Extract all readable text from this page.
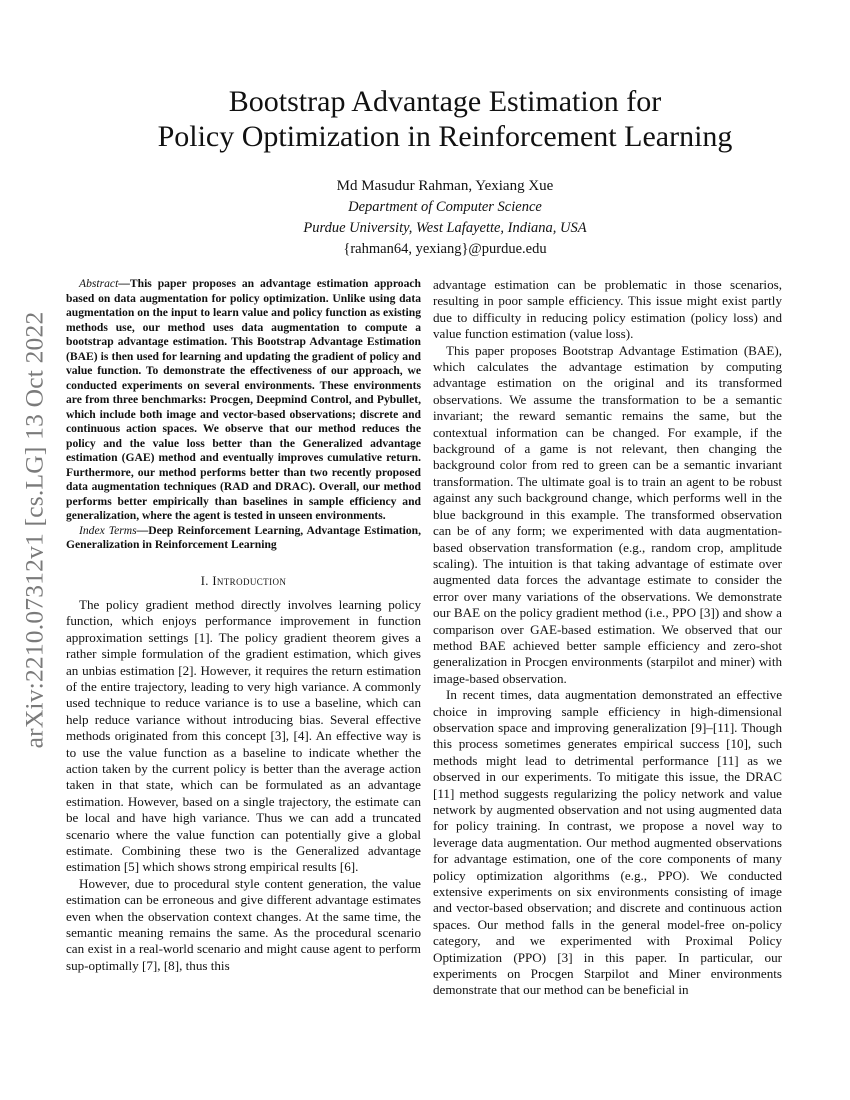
arXiv:2210.07312v1 [cs.LG] 13 Oct 2022
Bootstrap Advantage Estimation for
Policy Optimization in Reinforcement Learning
Md Masudur Rahman, Yexiang Xue
Department of Computer Science
Purdue University, West Lafayette, Indiana, USA
{rahman64, yexiang}@purdue.edu

Abstract—This paper proposes an advantage estimation approach based on data augmentation for policy optimization. Unlike using data augmentation on the input to learn value and policy function as existing methods use, our method uses data augmentation to compute a bootstrap advantage estimation. This Bootstrap Advantage Estimation (BAE) is then used for learning and updating the gradient of policy and value function. To demonstrate the effectiveness of our approach, we conducted experiments on several environments. These environments are from three benchmarks: Procgen, Deepmind Control, and Pybullet, which include both image and vector-based observations; discrete and continuous action spaces. We observe that our method reduces the policy and the value loss better than the Generalized advantage estimation (GAE) method and eventually improves cumulative return. Furthermore, our method performs better than two recently proposed data augmentation techniques (RAD and DRAC). Overall, our method performs better empirically than baselines in sample efficiency and generalization, where the agent is tested in unseen environments.

Index Terms—Deep Reinforcement Learning, Advantage Estimation, Generalization in Reinforcement Learning

I. Introduction

The policy gradient method directly involves learning policy function, which enjoys performance improvement in function approximation settings [1]. The policy gradient theorem gives a rather simple formulation of the gradient estimation, which gives an unbias estimation [2]. However, it requires the return estimation of the entire trajectory, leading to very high variance. A commonly used technique to reduce variance is to use a baseline, which can help reduce variance without introducing bias. Several effective methods originated from this concept [3], [4]. An effective way is to use the value function as a baseline to indicate whether the action taken by the current policy is better than the average action taken in that state, which can be formulated as an advantage estimation. However, based on a single trajectory, the estimate can be local and have high variance. Thus we can add a truncated scenario where the value function can potentially give a global estimate. Combining these two is the Generalized advantage estimation [5] which shows strong empirical results [6].

However, due to procedural style content generation, the value estimation can be erroneous and give different advantage estimates even when the observation context changes. At the same time, the semantic meaning remains the same. As the procedural scenario can exist in a real-world scenario and might cause agent to perform sup-optimally [7], [8], thus this

advantage estimation can be problematic in those scenarios, resulting in poor sample efficiency. This issue might exist partly due to difficulty in reducing policy estimation (policy loss) and value function estimation (value loss).

This paper proposes Bootstrap Advantage Estimation (BAE), which calculates the advantage estimation by computing advantage estimation on the original and its transformed observations. We assume the transformation to be a semantic invariant; the reward semantic remains the same, but the contextual information can be changed. For example, if the background of a game is not relevant, then changing the background color from red to green can be a semantic invariant transformation. The ultimate goal is to train an agent to be robust against any such background change, which performs well in the blue background in this example. The transformed observation can be of any form; we experimented with data augmentation-based observation transformation (e.g., random crop, amplitude scaling). The intuition is that taking advantage of estimate over augmented data forces the advantage estimate to consider the error over many variations of the observations. We demonstrate our BAE on the policy gradient method (i.e., PPO [3]) and show a comparison over GAE-based estimation. We observed that our method BAE achieved better sample efficiency and zero-shot generalization in Procgen environments (starpilot and miner) with image-based observation.

In recent times, data augmentation demonstrated an effective choice in improving sample efficiency in high-dimensional observation space and improving generalization [9]–[11]. Though this process sometimes generates empirical success [10], such methods might lead to detrimental performance [11] as we observed in our experiments. To mitigate this issue, the DRAC [11] method suggests regularizing the policy network and value network by augmented observation and not using augmented data for policy training. In contrast, we propose a novel way to leverage data augmentation. Our method augmented observations for advantage estimation, one of the core components of many policy optimization algorithms (e.g., PPO). We conducted extensive experiments on six environments consisting of image and vector-based observation; and discrete and continuous action spaces. Our method falls in the general model-free on-policy category, and we experimented with Proximal Policy Optimization (PPO) [3] in this paper. In particular, our experiments on Procgen Starpilot and Miner environments demonstrate that our method can be beneficial in
